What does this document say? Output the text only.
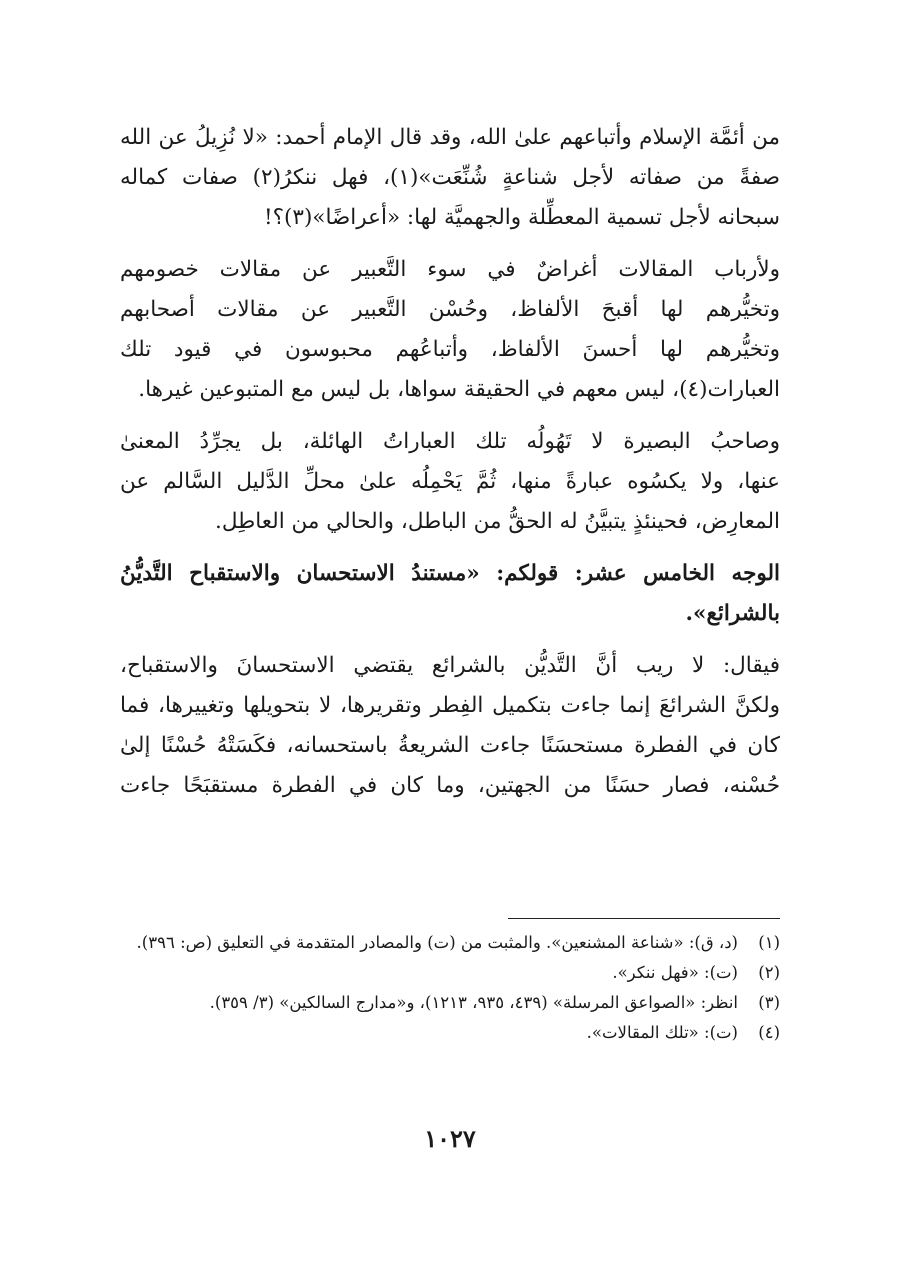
من أئمَّة الإسلام وأتباعهم علىٰ الله، وقد قال الإمام أحمد: «لا نُزِيلُ عن الله
صفةً من صفاته لأجل شناعةٍ شُنِّعَت»(١)، فهل ننكرُ(٢) صفات كماله
سبحانه لأجل تسمية المعطِّلة والجهميَّة لها: «أعراضًا»(٣)؟!

ولأرباب المقالات أغراضٌ في سوء التَّعبير عن مقالات خصومهم
وتخيُّرهم لها أقبحَ الألفاظ، وحُسْن التَّعبير عن مقالات أصحابهم
وتخيُّرهم لها أحسنَ الألفاظ، وأتباعُهم محبوسون في قيود تلك
العبارات(٤)، ليس معهم في الحقيقة سواها، بل ليس مع المتبوعين غيرها.

وصاحبُ البصيرة لا تَهُولُه تلك العباراتُ الهائلة، بل يجرِّدُ المعنىٰ
عنها، ولا يكسُوه عبارةً منها، ثُمَّ يَحْمِلُه علىٰ محلِّ الدَّليل السَّالم عن
المعارِض، فحينئذٍ يتبيَّنُ له الحقُّ من الباطل، والحالي من العاطِل.

الوجه الخامس عشر: قولكم: «مستندُ الاستحسان والاستقباح التَّديُّنُ
بالشرائع».

فيقال: لا ريب أنَّ التَّديُّن بالشرائع يقتضي الاستحسانَ والاستقباح،
ولكنَّ الشرائعَ إنما جاءت بتكميل الفِطر وتقريرها، لا بتحويلها وتغييرها، فما
كان في الفطرة مستحسَنًا جاءت الشريعةُ باستحسانه، فكَسَتْهُ حُسْنًا إلىٰ
حُسْنه، فصار حسَنًا من الجهتين، وما كان في الفطرة مستقبَحًا جاءت

(١)
(د، ق): «شناعة المشنعين». والمثبت من (ت) والمصادر المتقدمة في التعليق (ص: ٣٩٦).
(٢)
(ت): «فهل ننكر».
(٣)
انظر: «الصواعق المرسلة» (٤٣٩، ٩٣٥، ١٢١٣)، و«مدارج السالكين» (٣/ ٣٥٩).
(٤)
(ت): «تلك المقالات».
١٠٢٧
